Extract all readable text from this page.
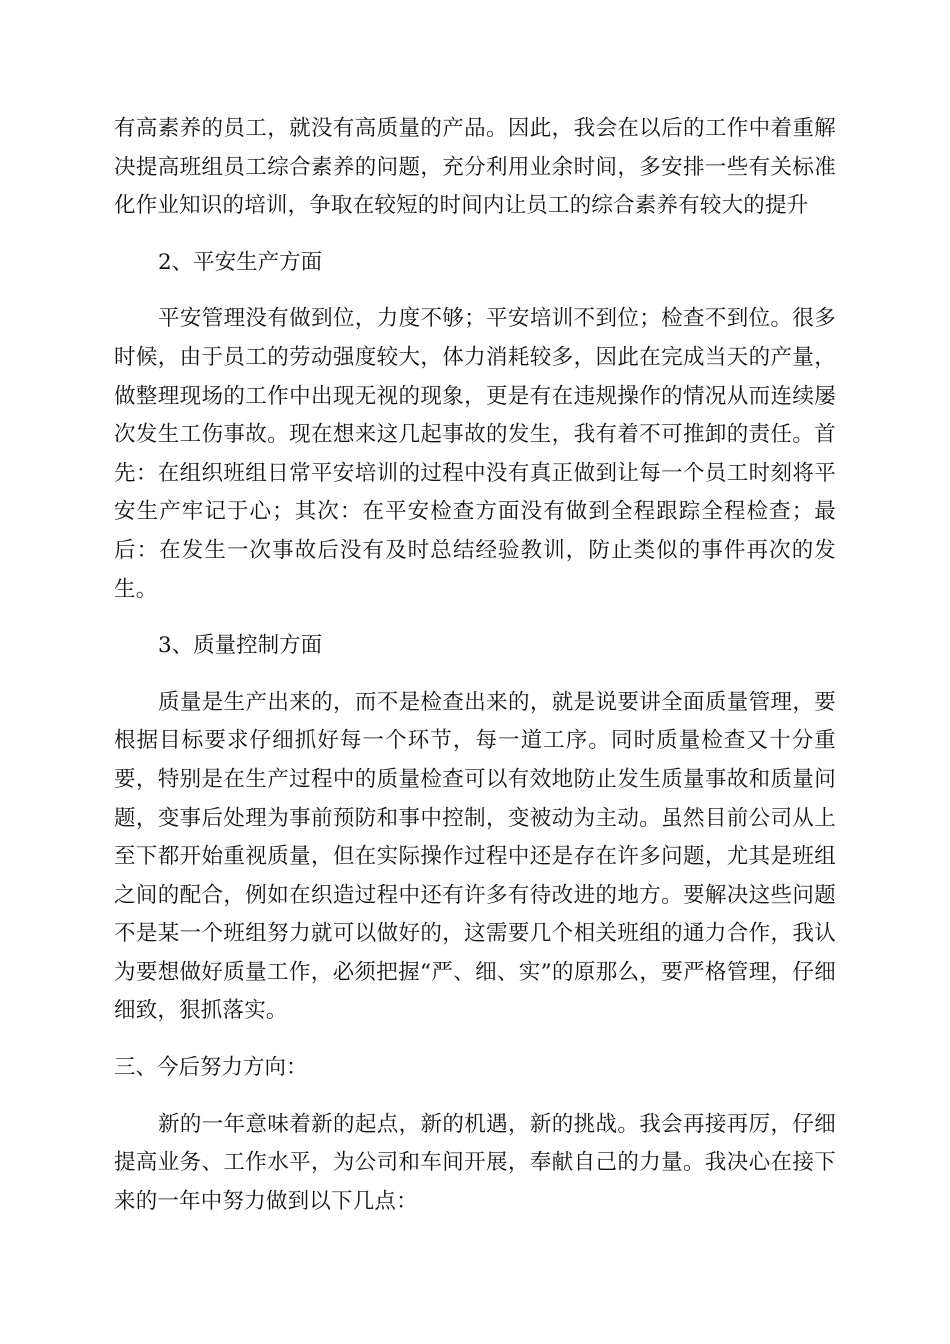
有高素养的员工，就没有高质量的产品。因此，我会在以后的工作中着重解决提高班组员工综合素养的问题，充分利用业余时间，多安排一些有关标准化作业知识的培训，争取在较短的时间内让员工的综合素养有较大的提升

2、平安生产方面

平安管理没有做到位，力度不够；平安培训不到位；检查不到位。很多时候，由于员工的劳动强度较大，体力消耗较多，因此在完成当天的产量，做整理现场的工作中出现无视的现象，更是有在违规操作的情况从而连续屡次发生工伤事故。现在想来这几起事故的发生，我有着不可推卸的责任。首先：在组织班组日常平安培训的过程中没有真正做到让每一个员工时刻将平安生产牢记于心；其次：在平安检查方面没有做到全程跟踪全程检查；最后：在发生一次事故后没有及时总结经验教训，防止类似的事件再次的发生。

3、质量控制方面

质量是生产出来的，而不是检查出来的，就是说要讲全面质量管理，要根据目标要求仔细抓好每一个环节，每一道工序。同时质量检查又十分重要，特别是在生产过程中的质量检查可以有效地防止发生质量事故和质量问题，变事后处理为事前预防和事中控制，变被动为主动。虽然目前公司从上至下都开始重视质量，但在实际操作过程中还是存在许多问题，尤其是班组之间的配合，例如在织造过程中还有许多有待改进的地方。要解决这些问题不是某一个班组努力就可以做好的，这需要几个相关班组的通力合作，我认为要想做好质量工作，必须把握“严、细、实”的原那么，要严格管理，仔细细致，狠抓落实。

三、今后努力方向：

新的一年意味着新的起点，新的机遇，新的挑战。我会再接再厉，仔细提高业务、工作水平，为公司和车间开展，奉献自己的力量。我决心在接下来的一年中努力做到以下几点：
